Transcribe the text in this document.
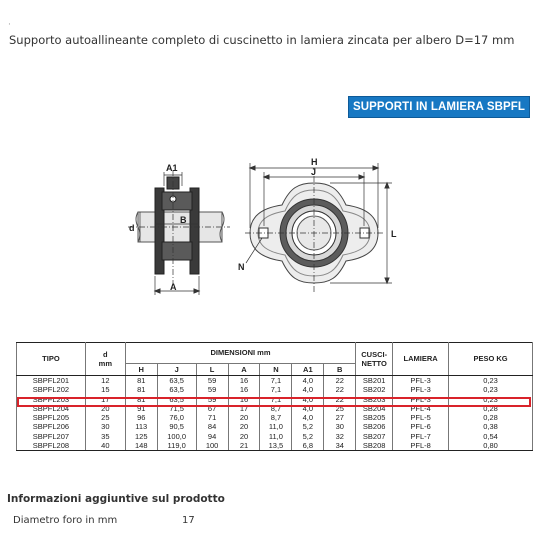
·
Supporto autoallineante completo di cuscinetto in lamiera zincata per albero D=17 mm
SUPPORTI IN LAMIERA SBPFL
A1
B
d
A
H
J
L
N
TIPO	d
mm	DIMENSIONI mm							CUSCI-NETTO	LAMIERA	PESO KG
		H	J	L	A	N	A1	B			
SBPFL201	12	81	63,5	59	16	7,1	4,0	22	SB201	PFL-3	0,23
SBPFL202	15	81	63,5	59	16	7,1	4,0	22	SB202	PFL-3	0,23
SBPFL203	17	81	63,5	59	16	7,1	4,0	22	SB203	PFL-3	0,23
SBPFL204	20	91	71,5	67	17	8,7	4,0	25	SB204	PFL-4	0,28
SBPFL205	25	96	76,0	71	20	8,7	4,0	27	SB205	PFL-5	0,28
SBPFL206	30	113	90,5	84	20	11,0	5,2	30	SB206	PFL-6	0,38
SBPFL207	35	125	100,0	94	20	11,0	5,2	32	SB207	PFL-7	0,54
SBPFL208	40	148	119,0	100	21	13,5	6,8	34	SB208	PFL-8	0,80
Informazioni aggiuntive sul prodotto
Diametro foro in mm	17
